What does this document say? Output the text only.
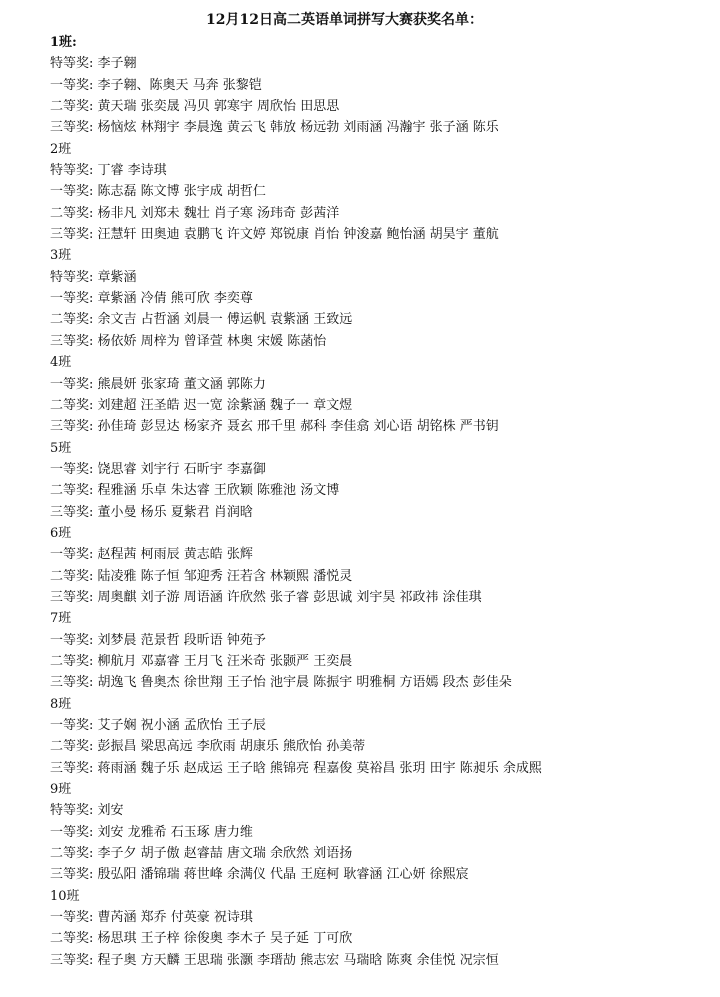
12月12日高二英语单词拼写大赛获奖名单：
1班:
特等奖: 李子翱
一等奖: 李子翱、陈奥天 马奔 张黎铠
二等奖: 黄天瑞 张奕晟 冯贝 郭寒宇 周欣怡 田思思
三等奖: 杨恼炫 林翔宇 李晨逸 黄云飞 韩放 杨远勃 刘雨涵 冯瀚宇 张子涵 陈乐
2班
特等奖: 丁睿 李诗琪
一等奖: 陈志磊 陈文博 张宇成 胡哲仁
二等奖: 杨非凡 刘郑未 魏壮 肖子寒 汤玮奇 彭茜洋
三等奖: 汪慧轩 田奥迪 袁鹏飞 许文婷 郑锐康 肖怡 钟浚嘉 鲍怡涵 胡昊宇 董航
3班
特等奖: 章紫涵
一等奖: 章紫涵 冷倩 熊可欣 李奕尊
二等奖: 余文吉 占哲涵 刘晨一 傅运帆 袁紫涵 王致远
三等奖: 杨依娇 周梓为 曾译萱 林奥 宋媛 陈菡怡
4班
一等奖: 熊晨妍 张家琦 董文涵 郭陈力
二等奖: 刘建超 汪圣皓 迟一宽 涂紫涵 魏子一 章文煜
三等奖: 孙佳琦 彭昱达 杨家齐 聂玄 邢千里 郝科 李佳翕 刘心语 胡铭株 严书钥
5班
一等奖: 饶思睿 刘宇行 石昕宇 李嘉御
二等奖: 程雅涵 乐卓 朱达睿 王欣颖 陈雅池 汤文博
三等奖: 董小曼 杨乐 夏紫君 肖润晗
6班
一等奖: 赵程茜 柯雨辰 黄志皓 张辉
二等奖: 陆凌雅 陈子恒 邹迎秀 汪若含 林颖熙 潘悦灵
三等奖: 周奥麒 刘子游 周语涵 许欣然 张子睿 彭思诚 刘宇昊 祁政祎 涂佳琪
7班
一等奖: 刘梦晨 范景哲 段昕语 钟苑予
二等奖: 柳航月 邓嘉睿 王月飞 汪米奇 张颢严 王奕晨
三等奖: 胡逸飞 鲁奥杰 徐世翔 王子怡 池宇晨 陈振宇 明雅桐 方语嫣 段杰 彭佳朵
8班
一等奖: 艾子娴 祝小涵 孟欣怡 王子辰
二等奖: 彭振昌 梁思高远 李欣雨 胡康乐 熊欣怡 孙美蒂
三等奖: 蒋雨涵 魏子乐 赵成运 王子晗 熊锦亮 程嘉俊 莫裕昌 张玥 田宇 陈昶乐 余成熙
9班
特等奖: 刘安
一等奖: 刘安 龙雅希 石玉琢 唐力维
二等奖: 李子夕 胡子傲 赵睿喆 唐文瑞 余欣然 刘语扬
三等奖: 殷弘阳 潘锦瑞 蒋世峰 余满仪 代晶 王庭柯 耿睿涵 江心妍 徐熙宸
10班
一等奖: 曹芮涵 郑乔 付英豪 祝诗琪
二等奖: 杨思琪 王子梓 徐俊奥 李木子 吴子延 丁可欣
三等奖: 程子奥 方天麟 王思瑞 张灏 李瑨劼 熊志宏 马瑞晗 陈爽 余佳悦 况宗恒
